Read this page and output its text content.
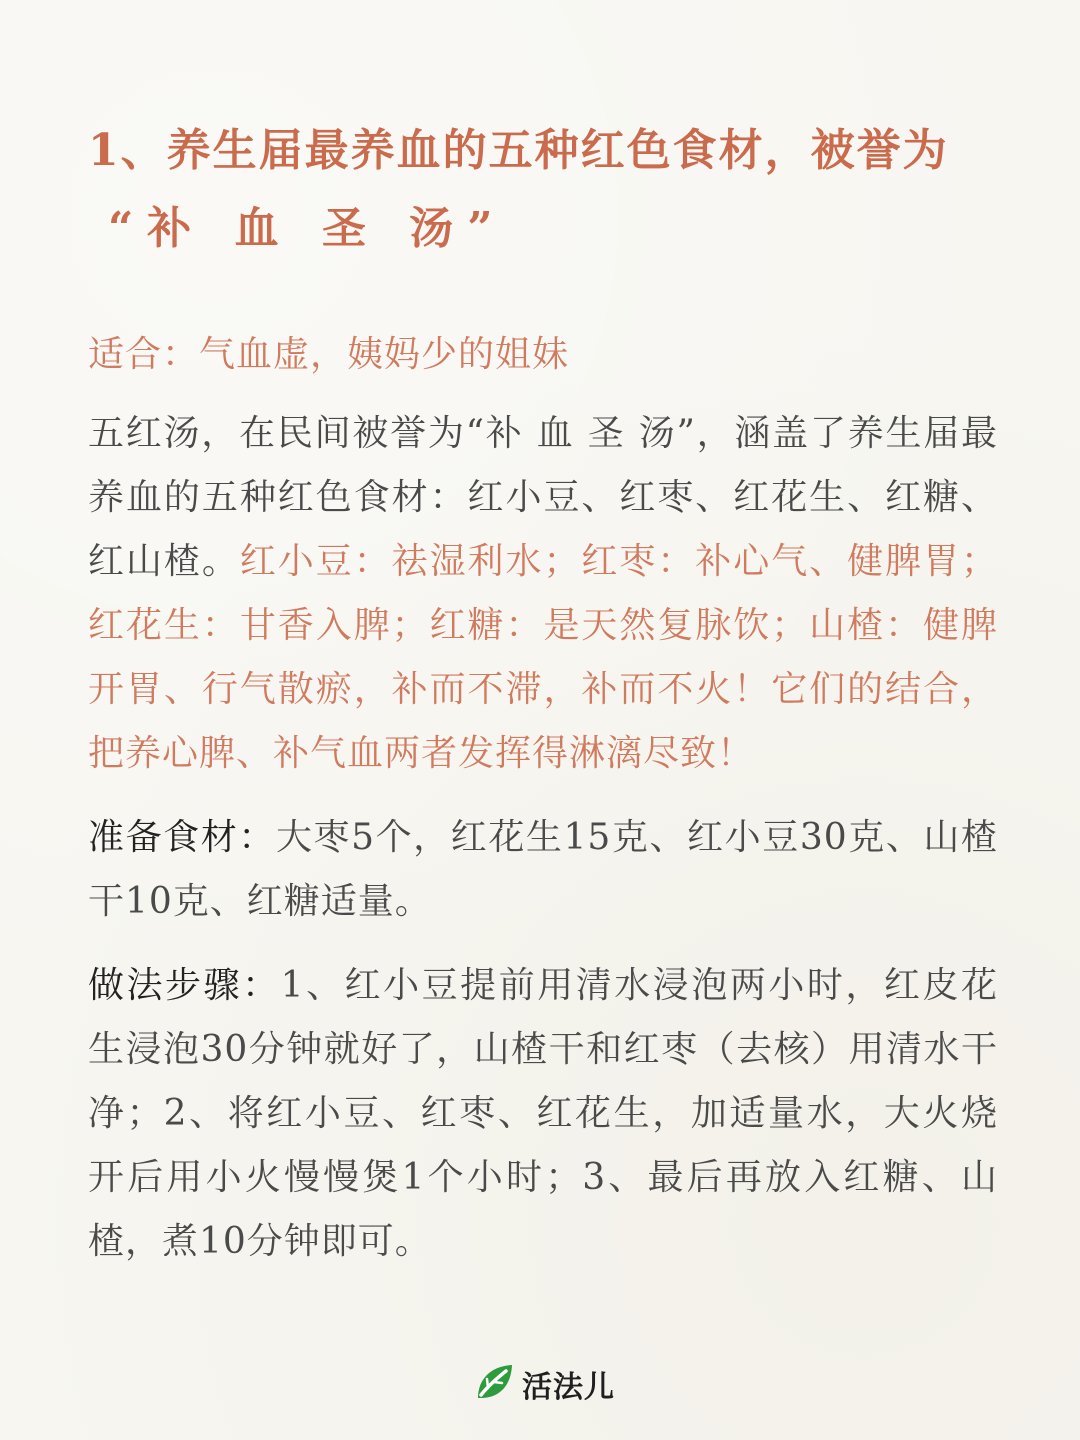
1、养生届最养血的五种红色食材，被誉为
“补 血 圣 汤”
适合：气血虚，姨妈少的姐妹
五红汤，在民间被誉为“补 血 圣 汤”，涵盖了养生届最养血的五种红色食材：红小豆、红枣、红花生、红糖、红山楂。红小豆：祛湿利水；红枣：补心气、健脾胃；红花生：甘香入脾；红糖：是天然复脉饮；山楂：健脾开胃、行气散瘀，补而不滞，补而不火！它们的结合，把养心脾、补气血两者发挥得淋漓尽致！
准备食材：大枣5个，红花生15克、红小豆30克、山楂干10克、红糖适量。
做法步骤：1、红小豆提前用清水浸泡两小时，红皮花生浸泡30分钟就好了，山楂干和红枣（去核）用清水干净；2、将红小豆、红枣、红花生，加适量水，大火烧开后用小火慢慢煲1个小时；3、最后再放入红糖、山楂，煮10分钟即可。
活法儿
